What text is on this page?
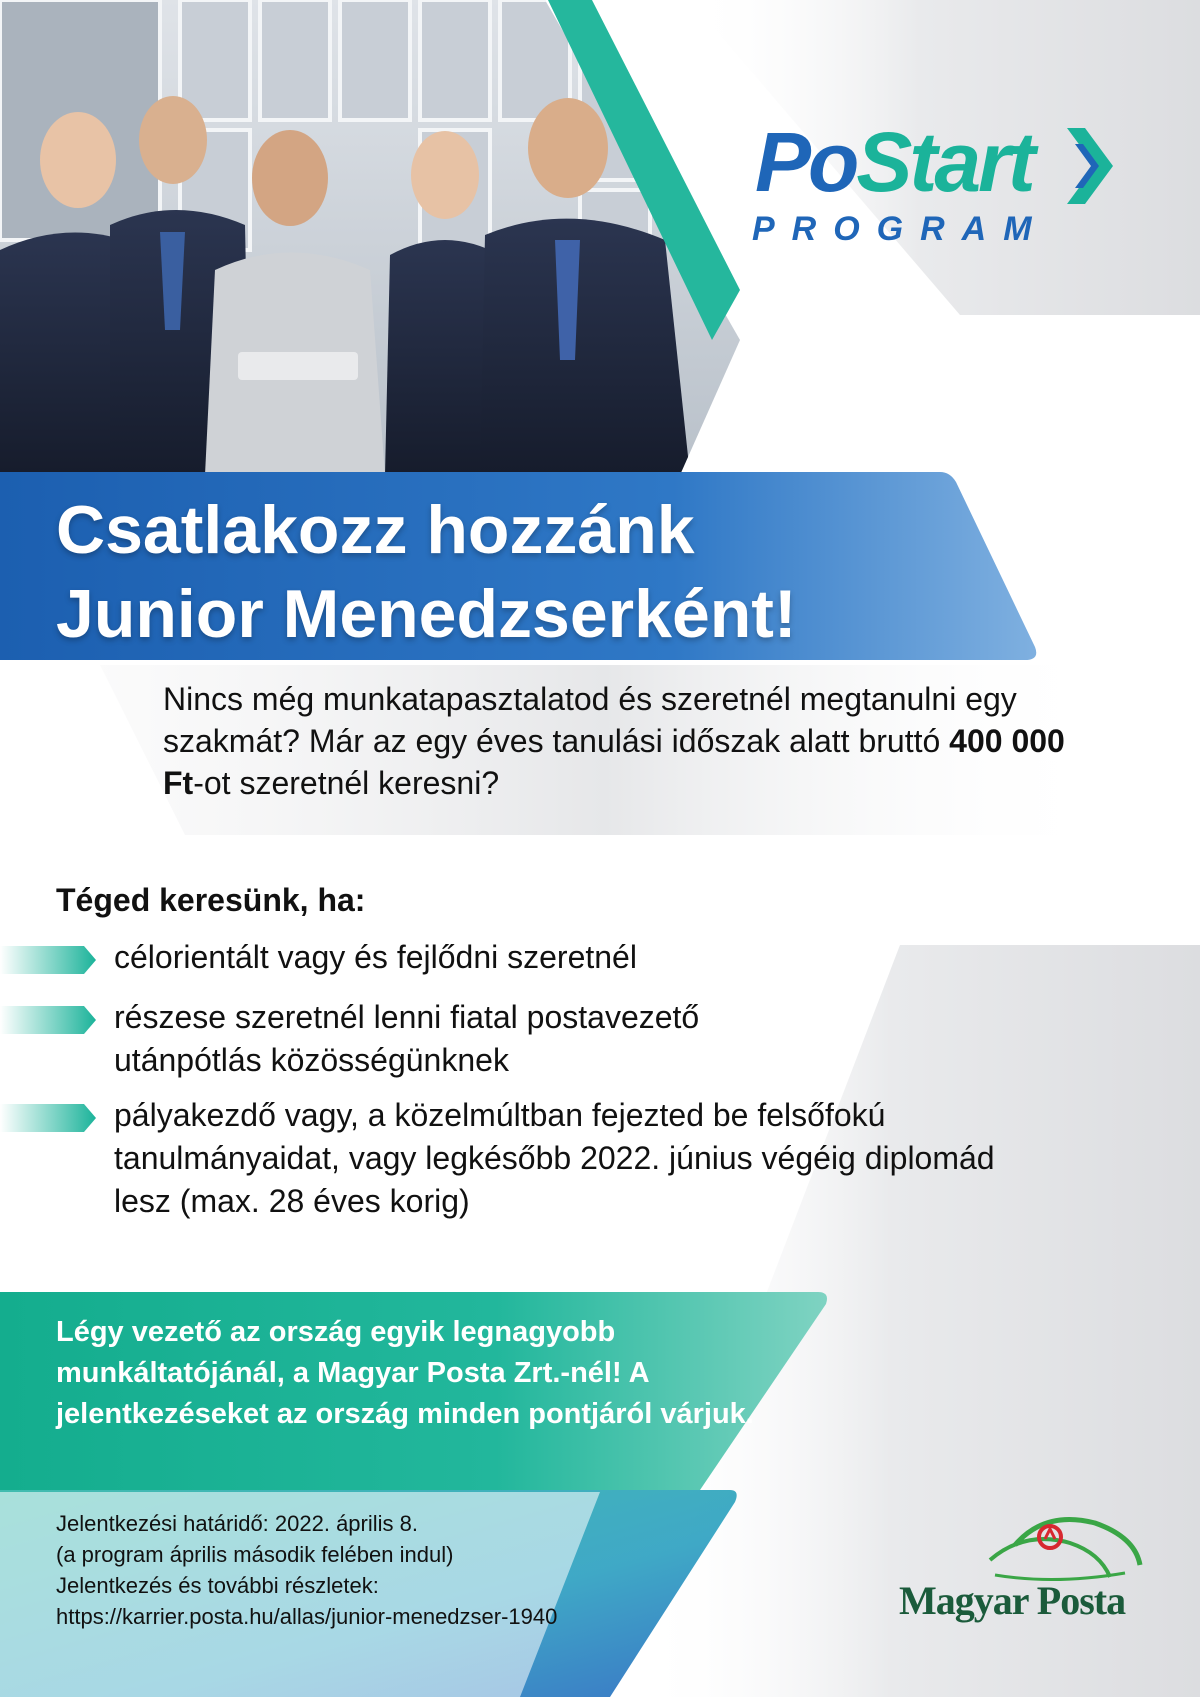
PoStart
PROGRAM
Csatlakozz hozzánk
Junior Menedzserként!

Nincs még munkatapasztalatod és szeretnél megtanulni egy szakmát? Már az egy éves tanulási időszak alatt bruttó 400 000 Ft-ot szeretnél keresni?

Téged keresünk, ha:
célorientált vagy és fejlődni szeretnél
részese szeretnél lenni fiatal postavezető utánpótlás közösségünknek
pályakezdő vagy, a közelmúltban fejezted be felsőfokú tanulmányaidat, vagy legkésőbb 2022. június végéig diplomád lesz (max. 28 éves korig)

Légy vezető az ország egyik legnagyobb munkáltatójánál, a Magyar Posta Zrt.-nél! A jelentkezéseket az ország minden pontjáról várjuk.

Jelentkezési határidő: 2022. április 8.
(a program április második felében indul)
Jelentkezés és további részletek:
https://karrier.posta.hu/allas/junior-menedzser-1940	Magyar Posta
